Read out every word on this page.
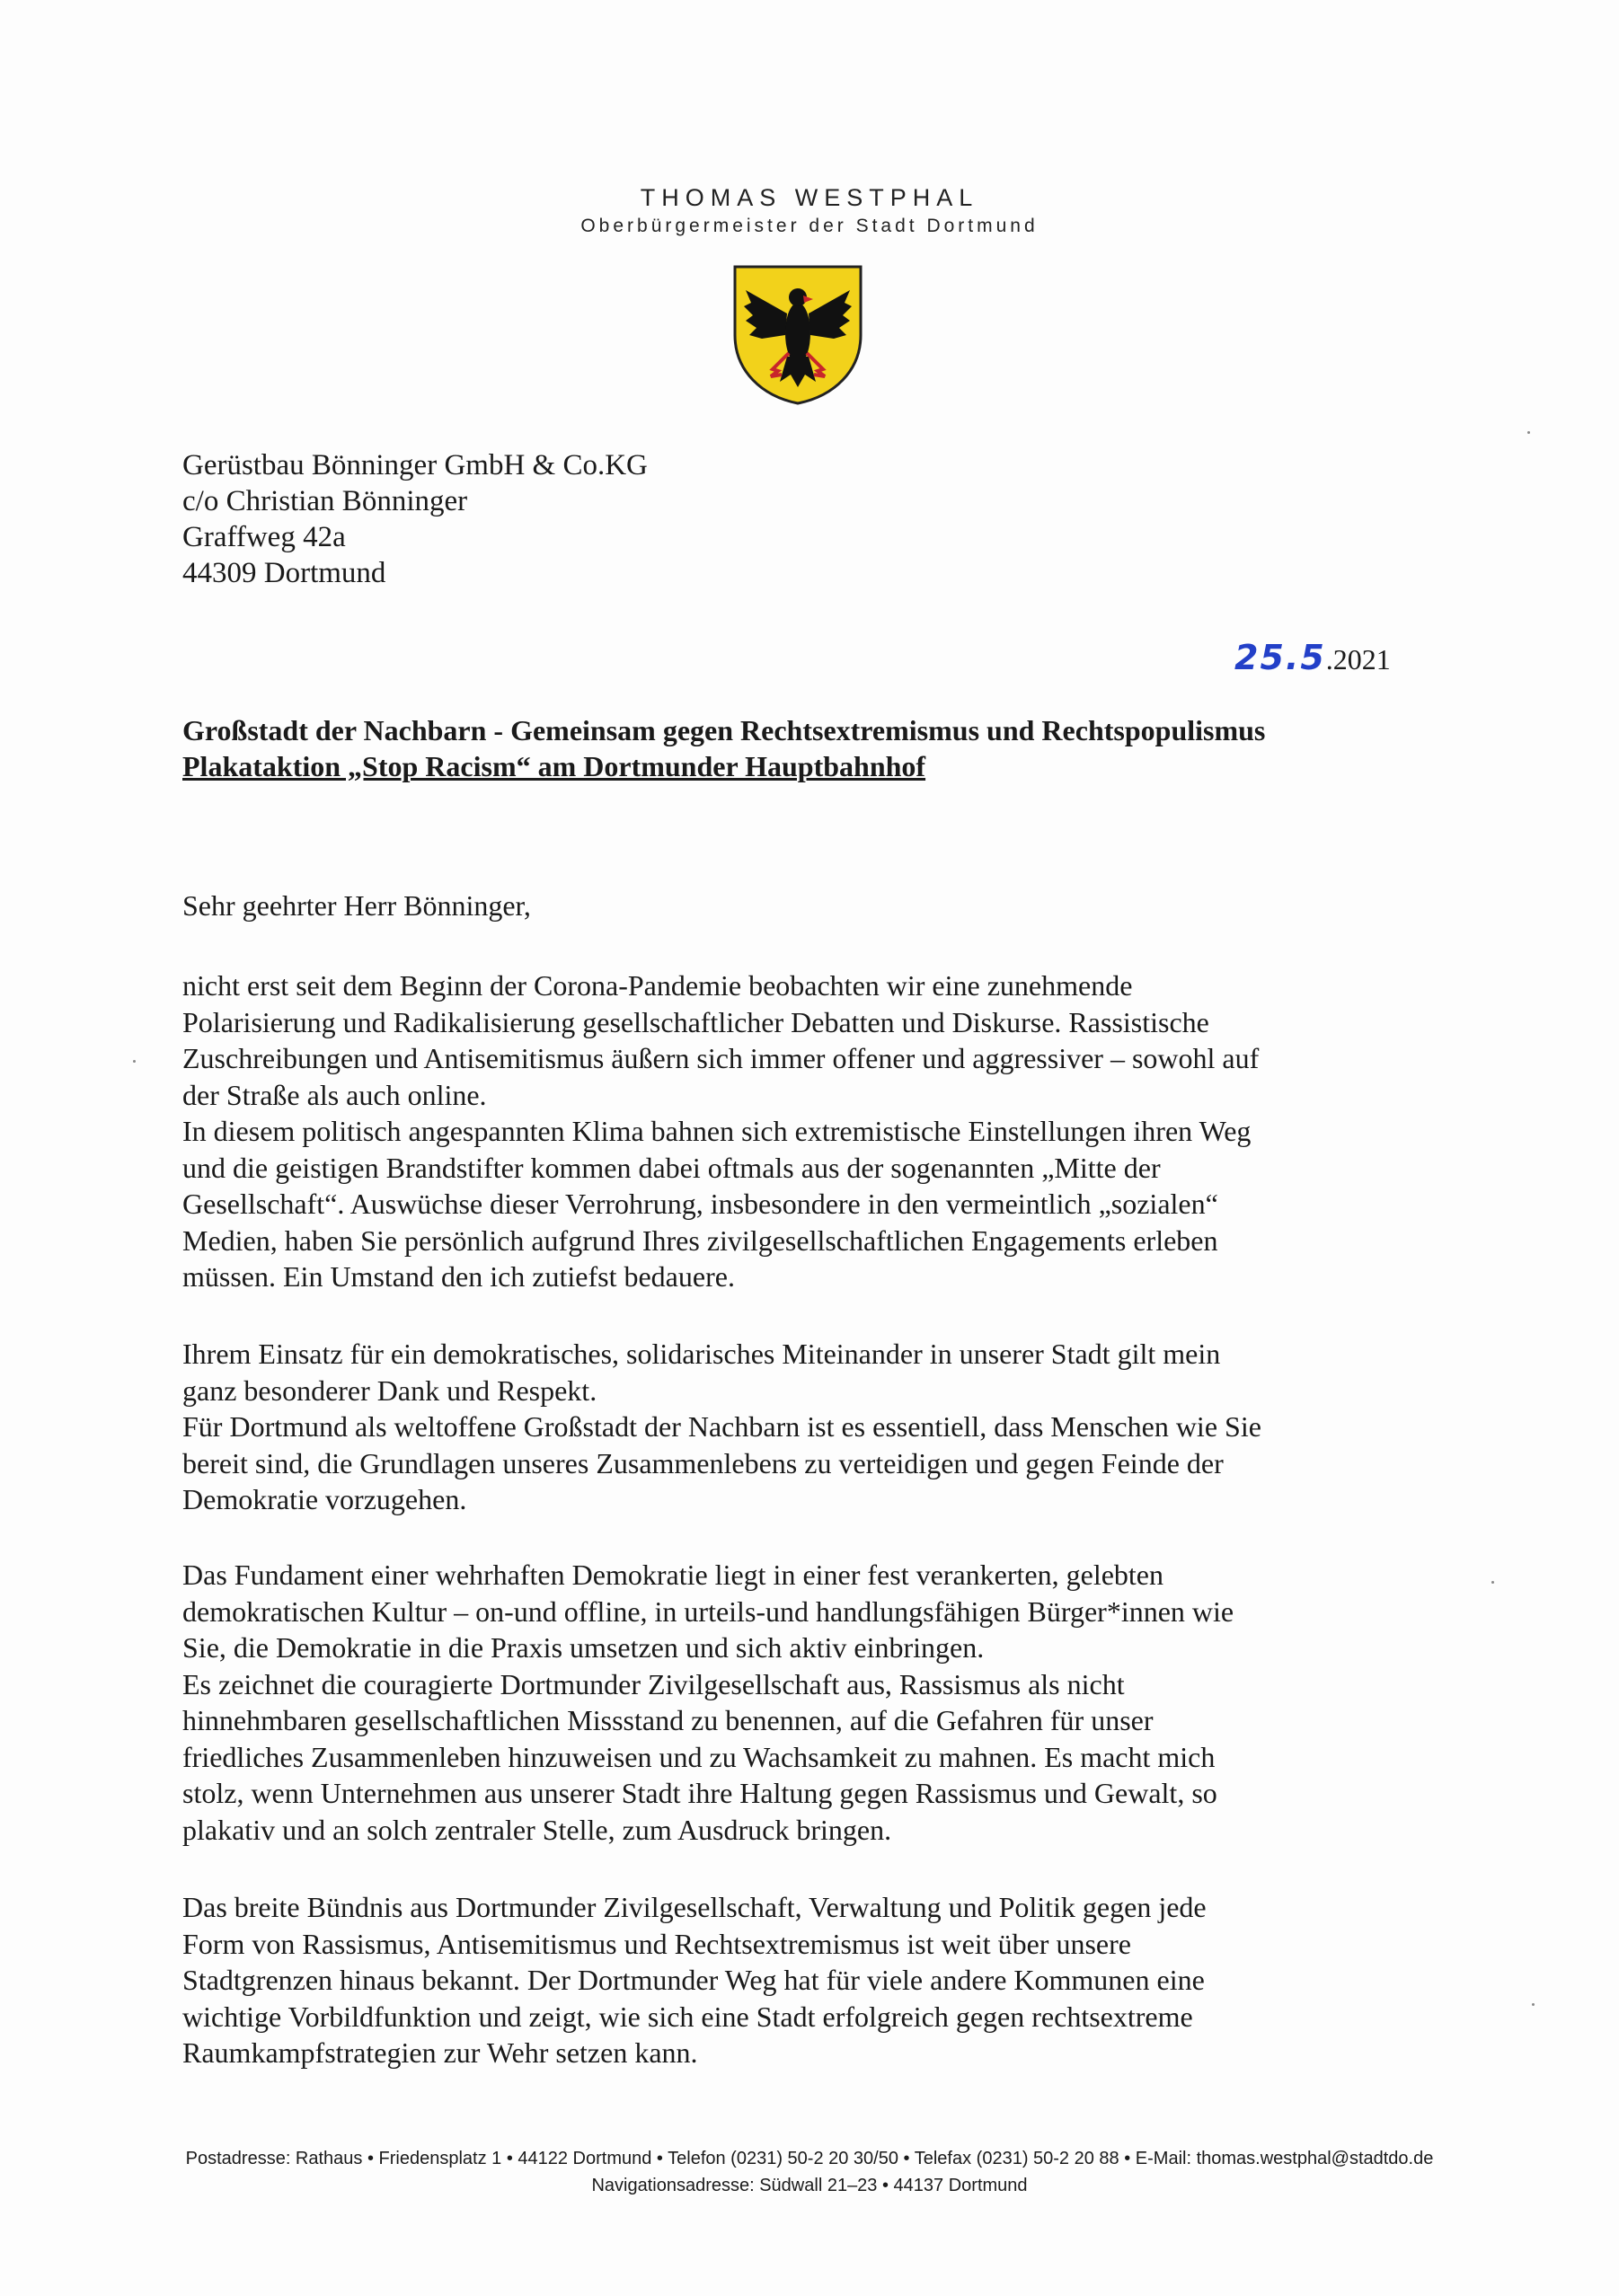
THOMAS WESTPHAL
Oberbürgermeister der Stadt Dortmund
Gerüstbau Bönninger GmbH & Co.KG
c/o Christian Bönninger
Graffweg 42a
44309 Dortmund
25.5.2021
Großstadt der Nachbarn - Gemeinsam gegen Rechtsextremismus und Rechtspopulismus
Plakataktion „Stop Racism“ am Dortmunder Hauptbahnhof
Sehr geehrter Herr Bönninger,
nicht erst seit dem Beginn der Corona-Pandemie beobachten wir eine zunehmende
Polarisierung und Radikalisierung gesellschaftlicher Debatten und Diskurse. Rassistische
Zuschreibungen und Antisemitismus äußern sich immer offener und aggressiver – sowohl auf
der Straße als auch online.
In diesem politisch angespannten Klima bahnen sich extremistische Einstellungen ihren Weg
und die geistigen Brandstifter kommen dabei oftmals aus der sogenannten „Mitte der
Gesellschaft“. Auswüchse dieser Verrohrung, insbesondere in den vermeintlich „sozialen“
Medien, haben Sie persönlich aufgrund Ihres zivilgesellschaftlichen Engagements erleben
müssen. Ein Umstand den ich zutiefst bedauere.
Ihrem Einsatz für ein demokratisches, solidarisches Miteinander in unserer Stadt gilt mein
ganz besonderer Dank und Respekt.
Für Dortmund als weltoffene Großstadt der Nachbarn ist es essentiell, dass Menschen wie Sie
bereit sind, die Grundlagen unseres Zusammenlebens zu verteidigen und gegen Feinde der
Demokratie vorzugehen.
Das Fundament einer wehrhaften Demokratie liegt in einer fest verankerten, gelebten
demokratischen Kultur – on-und offline, in urteils-und handlungsfähigen Bürger*innen wie
Sie, die Demokratie in die Praxis umsetzen und sich aktiv einbringen.
Es zeichnet die couragierte Dortmunder Zivilgesellschaft aus, Rassismus als nicht
hinnehmbaren gesellschaftlichen Missstand zu benennen, auf die Gefahren für unser
friedliches Zusammenleben hinzuweisen und zu Wachsamkeit zu mahnen. Es macht mich
stolz, wenn Unternehmen aus unserer Stadt ihre Haltung gegen Rassismus und Gewalt, so
plakativ und an solch zentraler Stelle, zum Ausdruck bringen.
Das breite Bündnis aus Dortmunder Zivilgesellschaft, Verwaltung und Politik gegen jede
Form von Rassismus, Antisemitismus und Rechtsextremismus ist weit über unsere
Stadtgrenzen hinaus bekannt. Der Dortmunder Weg hat für viele andere Kommunen eine
wichtige Vorbildfunktion und zeigt, wie sich eine Stadt erfolgreich gegen rechtsextreme
Raumkampfstrategien zur Wehr setzen kann.
Postadresse: Rathaus • Friedensplatz 1 • 44122 Dortmund • Telefon (0231) 50-2 20 30/50 • Telefax (0231) 50-2 20 88 • E-Mail: thomas.westphal@stadtdo.de
Navigationsadresse: Südwall 21–23 • 44137 Dortmund
